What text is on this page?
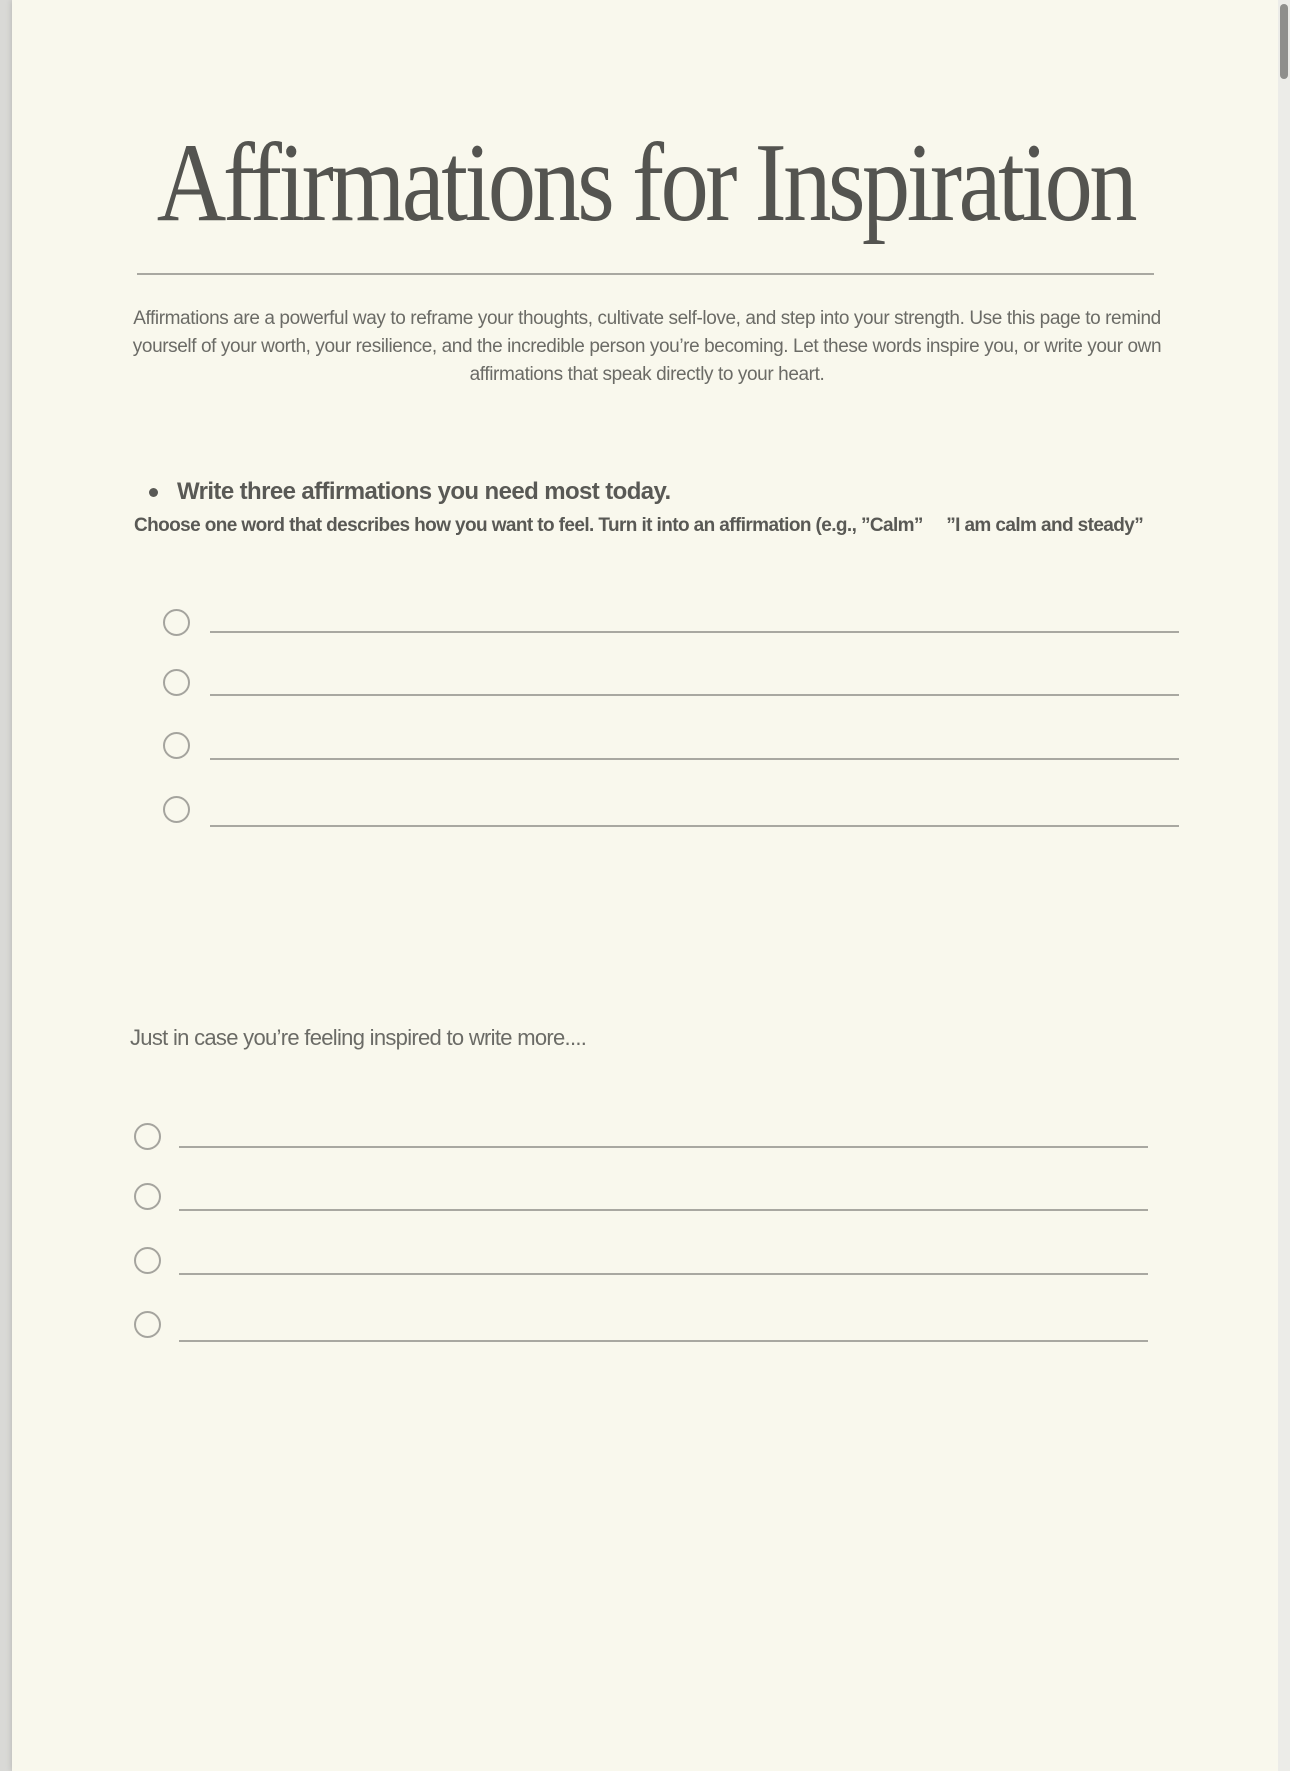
Affirmations for Inspiration
Affirmations are a powerful way to reframe your thoughts, cultivate self-love, and step into your strength. Use this page to remind
yourself of your worth, your resilience, and the incredible person you’re becoming. Let these words inspire you, or write your own
affirmations that speak directly to your heart.
Write three affirmations you need most today.
Choose one word that describes how you want to feel. Turn it into an affirmation (e.g., ”Calm”     ”I am calm and steady”
Just in case you’re feeling inspired to write more....
